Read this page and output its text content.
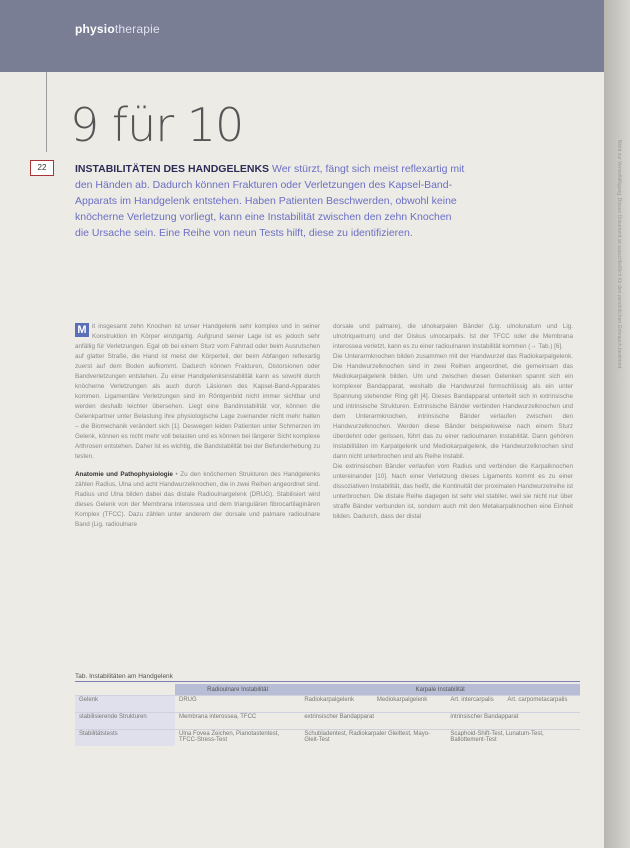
physiotherapie
22
9 für 10
INSTABILITÄTEN DES HANDGELENKS Wer stürzt, fängt sich meist reflexartig mit den Händen ab. Dadurch können Frakturen oder Verletzungen des Kapsel-Band-Apparats im Handgelenk entstehen. Haben Patienten Beschwerden, obwohl keine knöcherne Verletzung vorliegt, kann eine Instabilität zwischen den zehn Knochen die Ursache sein. Eine Reihe von neun Tests hilft, diese zu identifizieren.

M it insgesamt zehn Knochen ist unser Handgelenk sehr komplex und in seiner Konstruktion im Körper einzigartig. Aufgrund seiner Lage ist es jedoch sehr anfällig für Verletzungen. Egal ob bei einem Sturz vom Fahrrad oder beim Ausrutschen auf glatter Straße, die Hand ist meist der Körperteil, der beim Abfangen reflexartig zuerst auf dem Boden aufkommt. Dadurch können Frakturen, Distorsionen oder Bandverletzungen entstehen. Zu einer Handgelenksinstabilität kann es sowohl durch knöcherne Verletzungen als auch durch Läsionen des Kapsel-Band-Apparates kommen. Ligamentäre Verletzungen sind im Röntgenbild nicht immer sichtbar und werden deshalb leichter übersehen. Liegt eine Bandinstabilität vor, können die Gelenkpartner unter Belastung ihre physiologische Lage zueinander nicht mehr halten – die Biomechanik verändert sich [1]. Deswegen leiden Patienten unter Schmerzen im Gelenk, können es nicht mehr voll belasten und es können bei längerer Sicht komplexe Arthrosen entstehen. Daher ist es wichtig, die Bandstabilität bei der Befunderhebung zu testen.

Anatomie und Pathophysiologie • Zu den knöchernen Strukturen des Handgelenks zählen Radius, Ulna und acht Handwurzelknochen, die in zwei Reihen angeordnet sind. Radius und Ulna bilden dabei das distale Radioulnargelenk (DRUG). Stabilisiert wird dieses Gelenk von der Membrana interossea und dem triangulären fibrocartilaginären Komplex (TFCC). Dazu zählen unter anderem der dorsale und palmare radioulnare Band (Lig. radioulnare

dorsale und palmare), die ulnokarpalen Bänder (Lig. ulnolunatum und Lig. ulnotriquetrum) und der Diskus ulnocarpalis. Ist der TFCC oder die Membrana interossea verletzt, kann es zu einer radioulnaren Instabilität kommen (→ Tab.) [6].

Die Unterarmknochen bilden zusammen mit der Handwurzel das Radiokarpalgelenk. Die Handwurzelknochen sind in zwei Reihen angeordnet, die gemeinsam das Mediokarpalgelenk bilden. Um und zwischen diesen Gelenken spannt sich ein komplexer Bandapparat, weshalb die Handwurzel formschlüssig als ein unter Spannung stehender Ring gilt [4]. Dieses Bandapparat unterteilt sich in extrinsische und intrinsische Strukturen. Extrinsische Bänder verbinden Handwurzelknochen und dem Unterarmknochen, intrinsische Bänder verlaufen zwischen den Handwurzelknochen. Werden diese Bänder beispielsweise nach einem Sturz überdehnt oder gerissen, führt das zu einer radioulnaren Instabilität. Dann gehören Instabilitäten im Karpalgelenk und Mediokarpalgelenk, die Handwurzelknochen sind dann nicht unterbrochen und als Reihe instabil.

Die extrinsischen Bänder verlaufen vom Radius und verbinden die Karpalknochen untereinander [10]. Nach einer Verletzung dieses Ligaments kommt es zu einer dissoziativen Instabilität, das heißt, die Kontinuität der proximalen Handwurzelreihe ist unterbrochen. Die distale Reihe dagegen ist sehr viel stabiler, weil sie nicht nur über straffe Bänder verbunden ist, sondern auch mit den Metakarpalknochen eine Einheit bilden. Dadurch, dass der distal

Tab. Instabilitäten am Handgelenk
	Radioulnare Instabilität	Karpale Instabilität			
Gelenk	DRUG	Radiokarpalgelenk	Mediokarpalgelenk	Art. intercarpalis	Art. carpometacarpalis
stabilisierende Strukturen	Membrana interossea, TFCC	extrinsischer Bandapparat		intrinsischer Bandapparat	
Stabilitätstests	Ulna Fovea Zeichen, Pianotastentest, TFCC-Stress-Test	Schubladentest, Radiokarpaler Gleittest, Mayo-Gleit-Test		Scaphoid-Shift-Test, Lunatum-Test, Ballottement-Test	
Nicht zur Vervielfältigung: Dieses Dokument ist ausschließlich für den persönlichen Gebrauch bestimmt.
